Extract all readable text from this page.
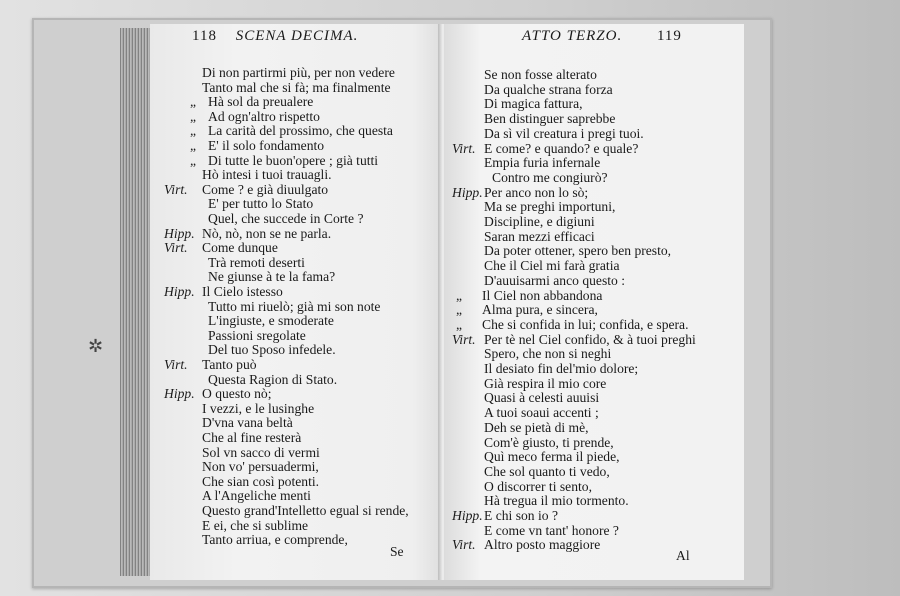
✲
118 SCENA DECIMA.
Di non partirmi più, per non vedere
Tanto mal che si fà; ma finalmente
„ Hà sol da preualere
„ Ad ogn'altro rispetto
„ La carità del prossimo, che questa
„ E' il solo fondamento
„ Di tutte le buon'opere ; già tutti
Hò intesi i tuoi trauagli.
Virt. Come ? e già diuulgato
E' per tutto lo Stato
Quel, che succede in Corte ?
Hipp. Nò, nò, non se ne parla.
Virt. Come dunque
Trà remoti deserti
Ne giunse à te la fama?
Hipp. Il Cielo istesso
Tutto mi riuelò; già mi son note
L'ingiuste, e smoderate
Passioni sregolate
Del tuo Sposo infedele.
Virt. Tanto può
Questa Ragion di Stato.
Hipp. O questo nò;
I vezzi, e le lusinghe
D'vna vana beltà
Che al fine resterà
Sol vn sacco di vermi
Non vo' persuadermi,
Che sian così potenti.
A l'Angeliche menti
Questo grand'Intelletto egual si rende,
E ei, che si sublime
Tanto arriua, e comprende,
Se
ATTO TERZO. 119
Se non fosse alterato
Da qualche strana forza
Di magica fattura,
Ben distinguer saprebbe
Da sì vil creatura i pregi tuoi.
Virt. E come? e quando? e quale?
Empia furia infernale
Contro me congiurò?
Hipp. Per anco non lo sò;
Ma se preghi importuni,
Discipline, e digiuni
Saran mezzi efficaci
Da poter ottener, spero ben presto,
Che il Ciel mi farà gratia
D'auuisarmi anco questo :
„ Il Ciel non abbandona
„ Alma pura, e sincera,
„ Che si confida in lui; confida, e spera.
Virt. Per tè nel Ciel confido, & à tuoi preghi
Spero, che non si neghi
Il desiato fin del'mio dolore;
Già respira il mio core
Quasi à celesti auuisi
A tuoi soaui accenti ;
Deh se pietà di mè,
Com'è giusto, ti prende,
Quì meco ferma il piede,
Che sol quanto ti vedo,
O discorrer ti sento,
Hà tregua il mio tormento.
Hipp. E chi son io ?
E come vn tant' honore ?
Virt. Altro posto maggiore
Al
